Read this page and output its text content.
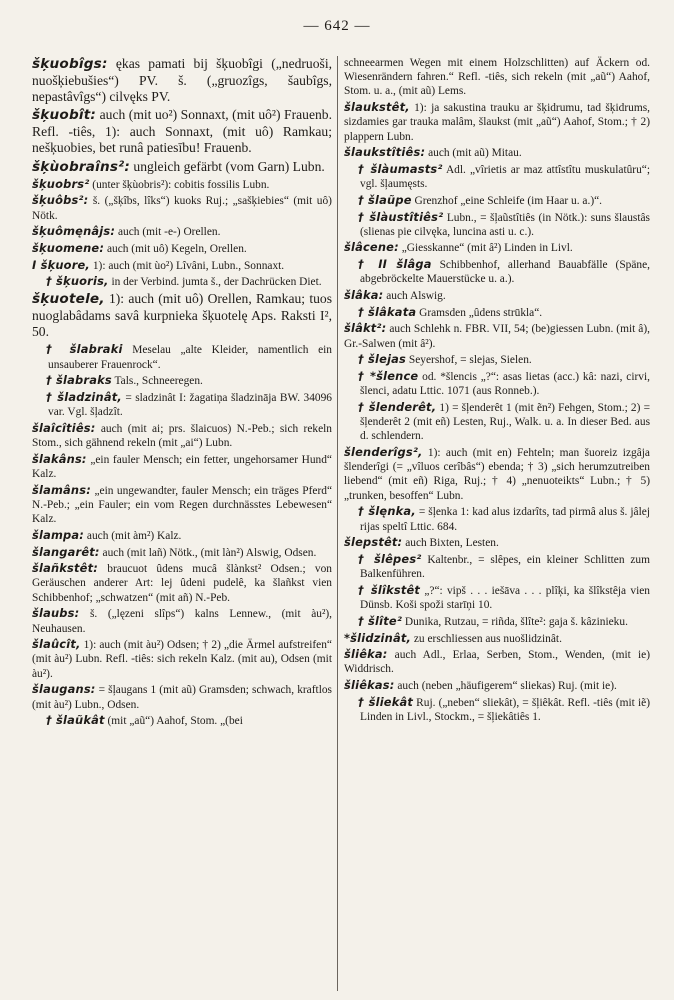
— 642 —

šķuobîgs: ękas pamati bij šķuobîgi („nedruoši, nuošķiebušies“) PV. š. („gruozîgs, šaubîgs, nepastâvîgs“) cilvęks PV.

šķuobît: auch (mit uo²) Sonnaxt, (mit uô²) Frauenb. Refl. -tiês, 1): auch Sonnaxt, (mit uô) Ramkau; nešķuobies, bet runâ patiesību! Frauenb.

šķùobraîns²: ungleich gefärbt (vom Garn) Lubn.

šķuobrs² (unter šķùobris²): cobitis fossilis Lubn.

šķuôbs²: š. („šķîbs, lîks“) kuoks Ruj.; „sašķiebies“ (mit uô) Nötk.

šķuômęnâjs: auch (mit -e-) Orellen.

šķuomene: auch (mit uô) Kegeln, Orellen.

I šķuore, 1): auch (mit ùo²) Lîvâni, Lubn., Sonnaxt.

† šķuoris, in der Verbind. jumta š., der Dachrücken Diet.

šķuotele, 1): auch (mit uô) Orellen, Ramkau; tuos nuoglabâdams savâ kurpnieka šķuotelę Aps. Raksti I², 50.

† šlabraki Meselau „alte Kleider, namentlich ein unsauberer Frauenrock“.

† šlabraks Tals., Schneeregen.

† šladzinât, = sladzinât I: žagatiņa šladzināja BW. 34096 var. Vgl. šļadzît.

šlaîcîtiês: auch (mit ai; prs. šlaicuos) N.-Peb.; sich rekeln Stom., sich gähnend rekeln (mit „ai“) Lubn.

šlakâns: „ein fauler Mensch; ein fetter, ungehorsamer Hund“ Kalz.

šlamâns: „ein ungewandter, fauler Mensch; ein träges Pferd“ N.-Peb.; „ein Fauler; ein vom Regen durchnässtes Lebewesen“ Kalz.

šlampa: auch (mit àm²) Kalz.

šlangarêt: auch (mit lañ) Nötk., (mit làn²) Alswig, Odsen.

šlañkstêt: braucuot ûdens mucâ šlànkst² Odsen.; von Geräuschen anderer Art: lej ûdeni pudelê, ka šlañkst vien Schibbenhof; „schwatzen“ (mit añ) N.-Peb.

šlaubs: š. („lęzeni slîps“) kalns Lennew., (mit àu²), Neuhausen.

šlaûcît, 1): auch (mit àu²) Odsen; † 2) „die Ärmel aufstreifen“ (mit àu²) Lubn. Refl. -tiês: sich rekeln Kalz. (mit au), Odsen (mit àu²).

šlaugans: = šļaugans 1 (mit aũ) Gramsden; schwach, kraftlos (mit àu²) Lubn., Odsen.

† šlaũkât (mit „aũ“) Aahof, Stom. „(bei

schneearmen Wegen mit einem Holzschlitten) auf Äckern od. Wiesenrändern fahren.“ Refl. -tiês, sich rekeln (mit „aũ“) Aahof, Stom. u. a., (mit aũ) Lems.

šlaukstêt, 1): ja sakustina trauku ar šķidrumu, tad šķidrums, sizdamies gar trauka malâm, šlaukst (mit „aũ“) Aahof, Stom.; † 2) plappern Lubn.

šlaukstîtiês: auch (mit aũ) Mitau.

† šlàumasts² Adl. „vîrietis ar maz attîstîtu muskulatûru“; vgl. šļaumęsts.

† šlaũpe Grenzhof „eine Schleife (im Haar u. a.)“.

† šlàustîtiês² Lubn., = šļaũstîtiês (in Nötk.): suns šlaustâs (slienas pie cilvęka, luncina asti u. c.).

šlâcene: „Giesskanne“ (mit â²) Linden in Livl.

† II šlâga Schibbenhof, allerhand Bauabfälle (Späne, abgebröckelte Mauerstücke u. a.).

šlâka: auch Alswig.

† šlâkata Gramsden „ûdens strūkla“.

šlâkt²: auch Schlehk n. FBR. VII, 54; (be)giessen Lubn. (mit â), Gr.-Salwen (mit â²).

† šlejas Seyershof, = slejas, Sielen.

† *šlence od. *šlencis „?“: asas lietas (acc.) kâ: nazi, cirvi, šlenci, adatu Lttic. 1071 (aus Ronneb.).

† šlenderêt, 1) = šļenderêt 1 (mit ẽn²) Fehgen, Stom.; 2) = šļenderêt 2 (mit eñ) Lesten, Ruj., Walk. u. a. In dieser Bed. aus d. schlendern.

šlenderîgs², 1): auch (mit en) Fehteln; man šuoreiz izgâja šlenderîgi (= „vîluos cerîbâs“) ebenda; † 3) „sich herumzutreiben liebend“ (mit eñ) Riga, Ruj.; † 4) „nenuoteikts“ Lubn.; † 5) „trunken, besoffen“ Lubn.

† šlęnka, = šļenka 1: kad alus izdarîts, tad pirmâ alus š. jâlej rijas speltî Lttic. 684.

šlepstêt: auch Bixten, Lesten.

† šlêpes² Kaltenbr., = slêpes, ein kleiner Schlitten zum Balkenführen.

† šlîkstêt „?“: vipš . . . iešāva . . . plîķi, ka šlîkstêja vien Dünsb. Koši spoži starīņi 10.

† šlîte² Dunika, Rutzau, = riñda, šlîte²: gaja š. kâzinieku.

*šlidzinât, zu erschliessen aus nuošlidzinât.

šliêka: auch Adl., Erlaa, Serben, Stom., Wenden, (mit ie) Widdrisch.

šliêkas: auch (neben „häufigerem“ sliekas) Ruj. (mit ie).

† šliekât Ruj. („neben“ sliekât), = šļiêkât. Refl. -tiês (mit iẽ) Linden in Livl., Stockm., = šļiekâtiês 1.
